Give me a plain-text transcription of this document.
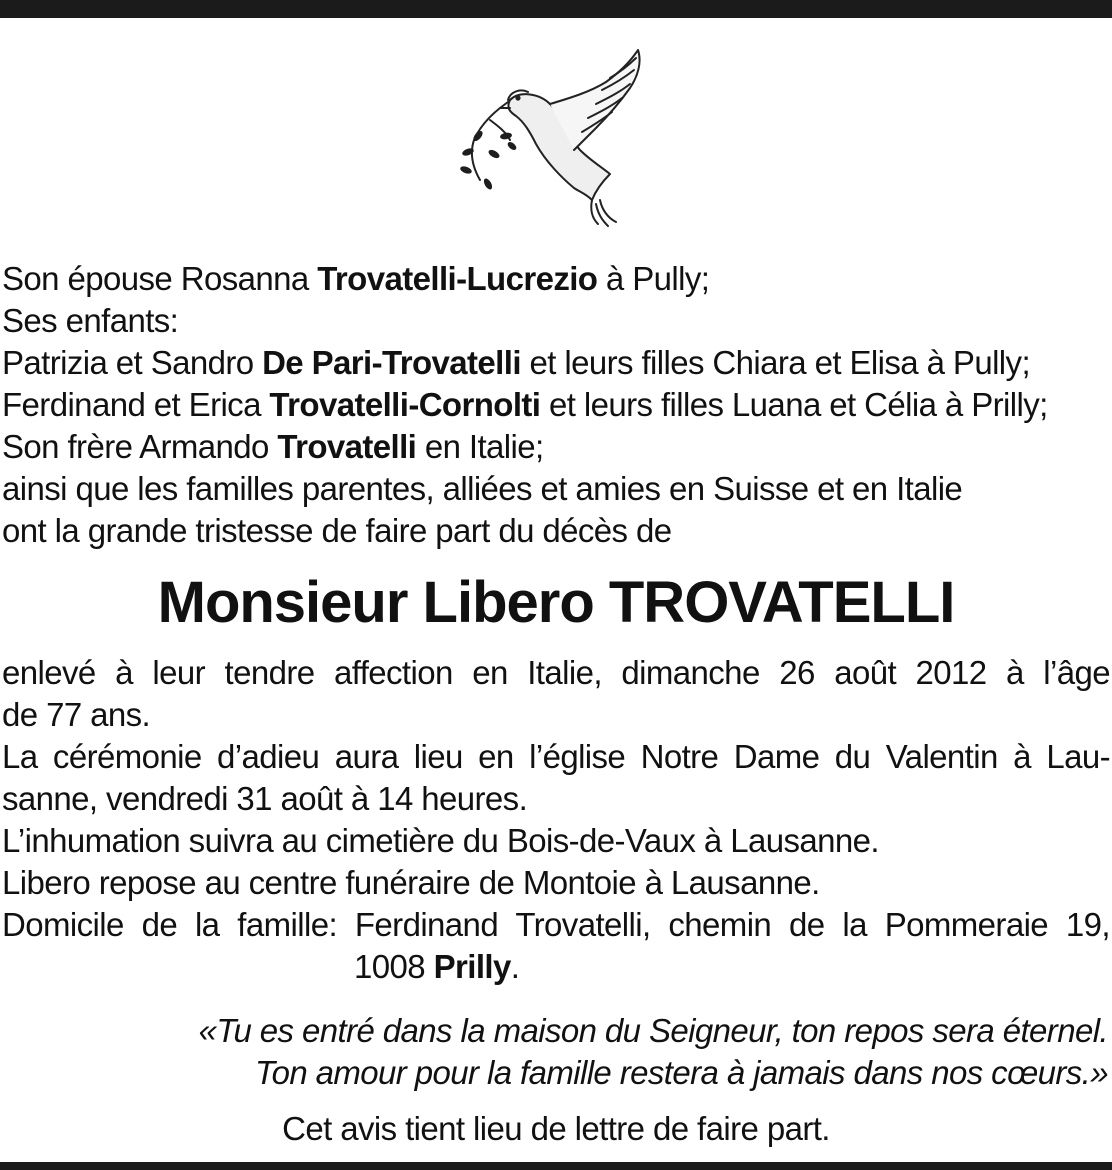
Son épouse Rosanna Trovatelli-Lucrezio à Pully;
Ses enfants:
Patrizia et Sandro De Pari-Trovatelli et leurs filles Chiara et Elisa à Pully;
Ferdinand et Erica Trovatelli-Cornolti et leurs filles Luana et Célia à Prilly;
Son frère Armando Trovatelli en Italie;
ainsi que les familles parentes, alliées et amies en Suisse et en Italie
ont la grande tristesse de faire part du décès de
Monsieur Libero TROVATELLI
enlevé à leur tendre affection en Italie, dimanche 26 août 2012 à l’âge
de 77 ans.
La cérémonie d’adieu aura lieu en l’église Notre Dame du Valentin à Lau-
sanne, vendredi 31 août à 14 heures.
L’inhumation suivra au cimetière du Bois-de-Vaux à Lausanne.
Libero repose au centre funéraire de Montoie à Lausanne.
Domicile de la famille: Ferdinand Trovatelli, chemin de la Pommeraie 19,
1008 Prilly.
«Tu es entré dans la maison du Seigneur, ton repos sera éternel.
Ton amour pour la famille restera à jamais dans nos cœurs.»
Cet avis tient lieu de lettre de faire part.
